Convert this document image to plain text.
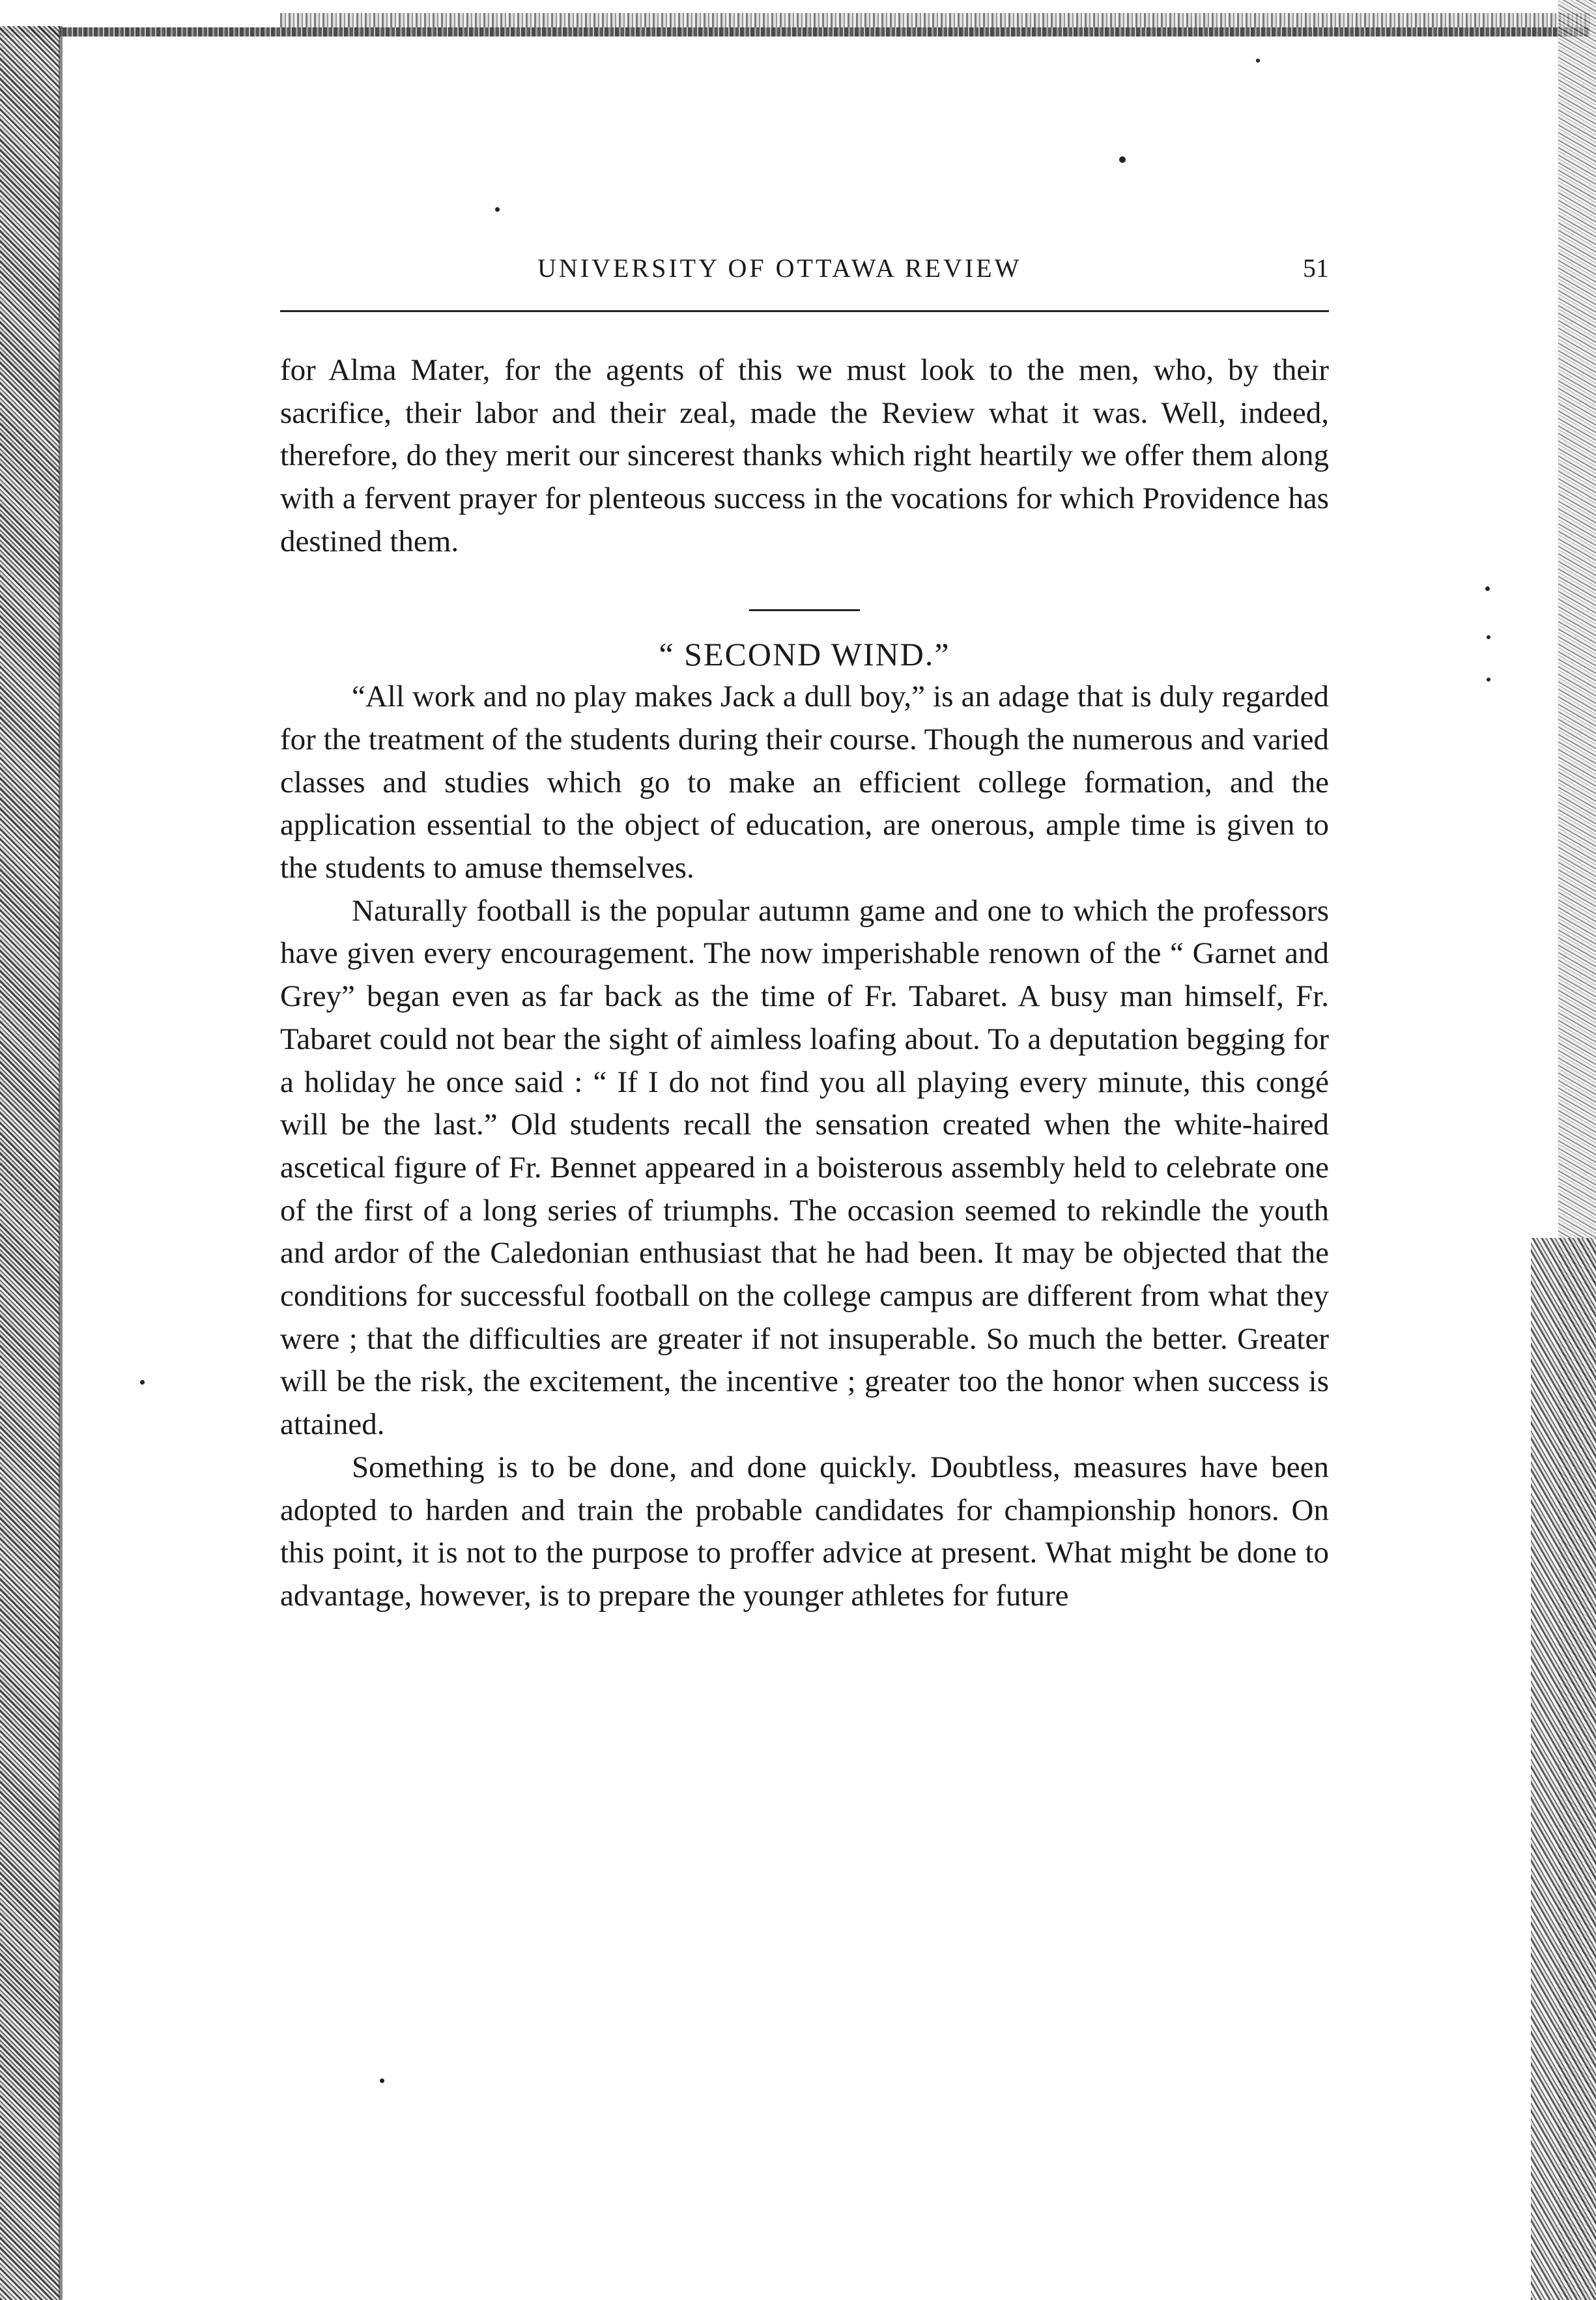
UNIVERSITY OF OTTAWA REVIEW	51

for Alma Mater, for the agents of this we must look to the men, who, by their sacrifice, their labor and their zeal, made the Review what it was. Well, indeed, therefore, do they merit our sincerest thanks which right heartily we offer them along with a fervent prayer for plenteous success in the vocations for which Providence has destined them.

“ SECOND WIND.”

“All work and no play makes Jack a dull boy,” is an adage that is duly regarded for the treatment of the students during their course. Though the numerous and varied classes and studies which go to make an efficient college formation, and the application essential to the object of education, are onerous, ample time is given to the students to amuse themselves.

Naturally football is the popular autumn game and one to which the professors have given every encouragement. The now imperishable renown of the “ Garnet and Grey” began even as far back as the time of Fr. Tabaret. A busy man himself, Fr. Tabaret could not bear the sight of aimless loafing about. To a deputation begging for a holiday he once said : “ If I do not find you all playing every minute, this congé will be the last.” Old students recall the sensation created when the white-haired ascetical figure of Fr. Bennet appeared in a boisterous assembly held to celebrate one of the first of a long series of triumphs. The occasion seemed to rekindle the youth and ardor of the Caledonian enthusiast that he had been. It may be objected that the conditions for successful football on the college campus are different from what they were ; that the difficulties are greater if not insuperable. So much the better. Greater will be the risk, the excitement, the incentive ; greater too the honor when success is attained.

Something is to be done, and done quickly. Doubtless, measures have been adopted to harden and train the probable candidates for championship honors. On this point, it is not to the purpose to proffer advice at present. What might be done to advantage, however, is to prepare the younger athletes for future
